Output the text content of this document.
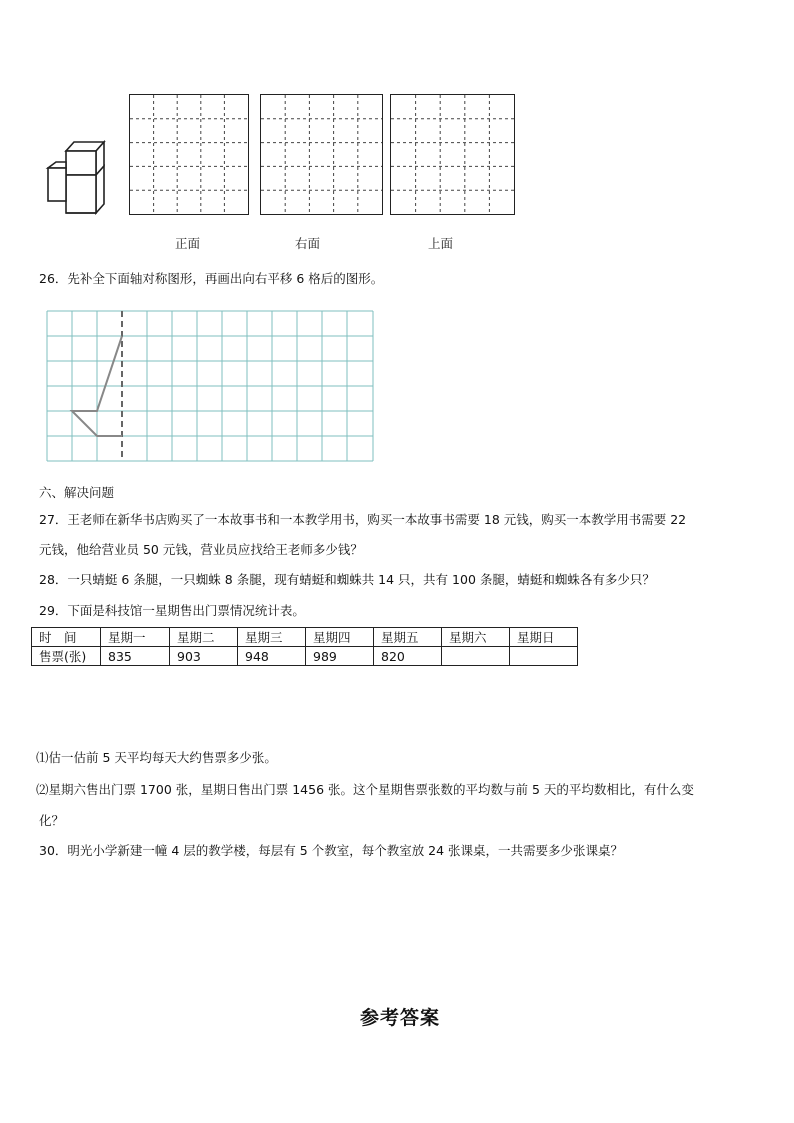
正面	右面	上面
26．先补全下面轴对称图形，再画出向右平移 6 格后的图形。
六、解决问题
27．王老师在新华书店购买了一本故事书和一本教学用书，购买一本故事书需要 18 元钱，购买一本教学用书需要 22
元钱，他给营业员 50 元钱，营业员应找给王老师多少钱？
28．一只蜻蜓 6 条腿，一只蜘蛛 8 条腿，现有蜻蜓和蜘蛛共 14 只，共有 100 条腿，蜻蜓和蜘蛛各有多少只？
29．下面是科技馆一星期售出门票情况统计表。
时　间	星期一	星期二	星期三	星期四	星期五	星期六	星期日
售票(张)	835	903	948	989	820		
⑴估一估前 5 天平均每天大约售票多少张。
⑵星期六售出门票 1700 张，星期日售出门票 1456 张。这个星期售票张数的平均数与前 5 天的平均数相比，有什么变
化？
30．明光小学新建一幢 4 层的教学楼，每层有 5 个教室，每个教室放 24 张课桌，一共需要多少张课桌？
参考答案
